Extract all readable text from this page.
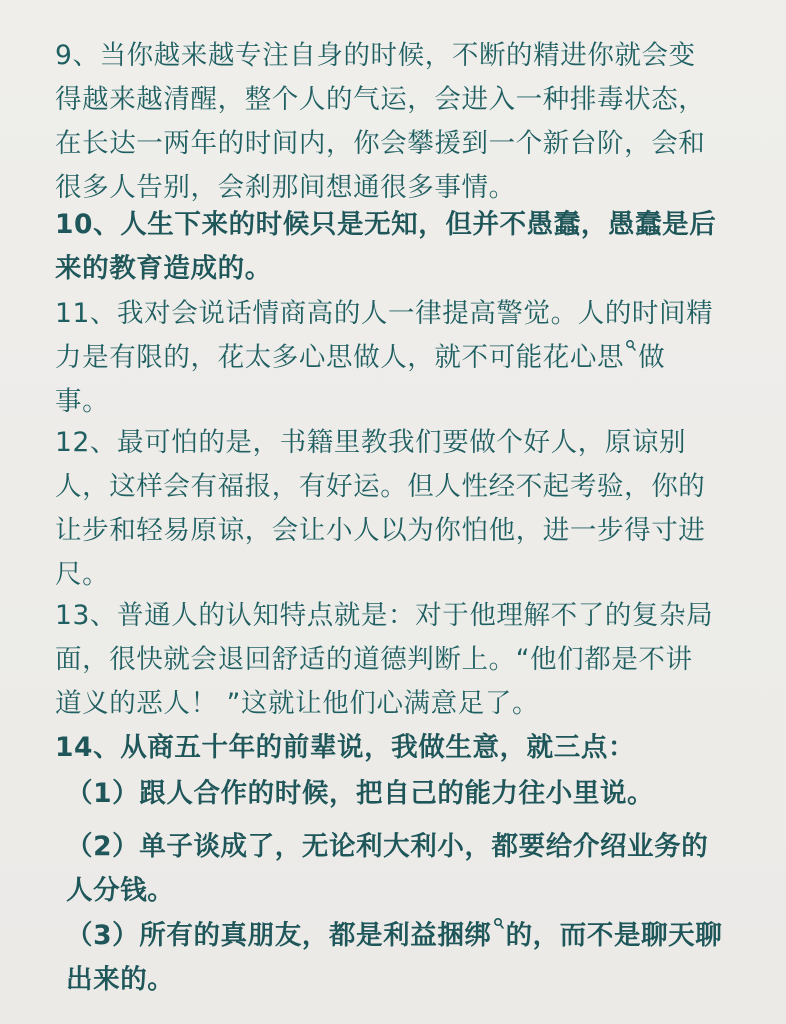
9、当你越来越专注自身的时候，不断的精进你就会变
得越来越清醒，整个人的气运，会进入一种排毒状态，
在长达一两年的时间内，你会攀援到一个新台阶，会和
很多人告别，会刹那间想通很多事情。

10、人生下来的时候只是无知，但并不愚蠢，愚蠢是后
来的教育造成的。

11、我对会说话情商高的人一律提高警觉。人的时间精
力是有限的，花太多心思做人，就不可能花心思 做
事。

12、最可怕的是，书籍里教我们要做个好人，原谅别
人，这样会有福报，有好运。但人性经不起考验，你的
让步和轻易原谅，会让小人以为你怕他，进一步得寸进
尺。

13、普通人的认知特点就是：对于他理解不了的复杂局
面，很快就会退回舒适的道德判断上。“他们都是不讲
道义的恶人！ ”这就让他们心满意足了。

14、从商五十年的前辈说，我做生意，就三点：

（1）跟人合作的时候，把自己的能力往小里说。

（2）单子谈成了，无论利大利小，都要给介绍业务的
人分钱。

（3）所有的真朋友，都是利益捆绑 的，而不是聊天聊
出来的。
